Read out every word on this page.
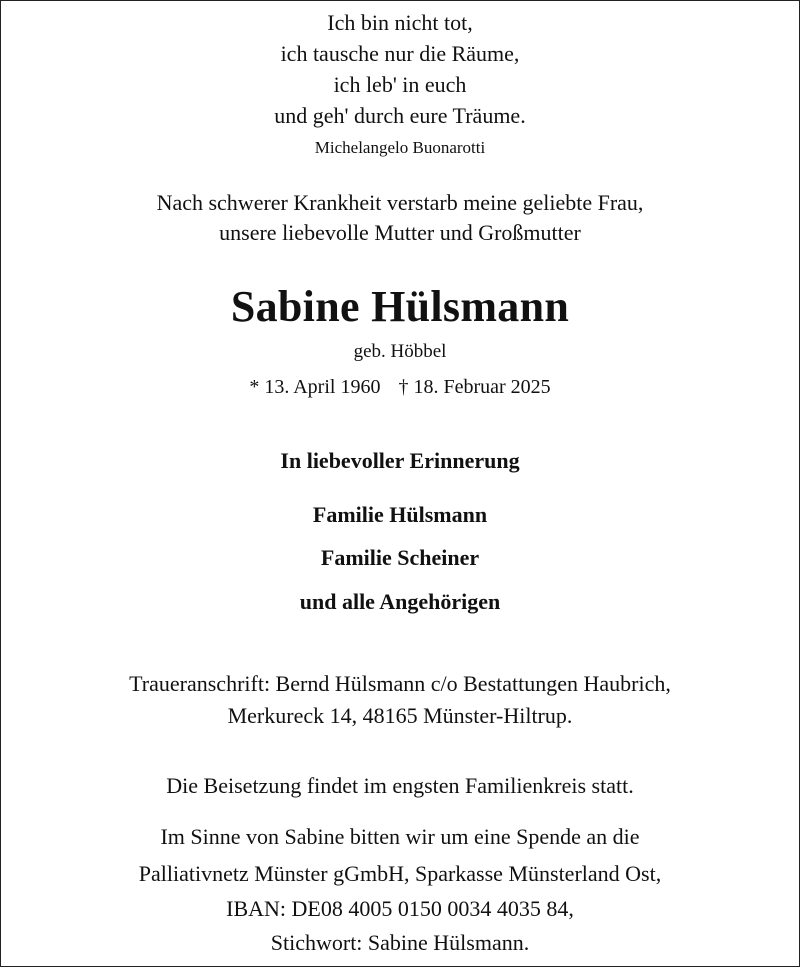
Ich bin nicht tot,
ich tausche nur die Räume,
ich leb' in euch
und geh' durch eure Träume.
Michelangelo Buonarotti
Nach schwerer Krankheit verstarb meine geliebte Frau,
unsere liebevolle Mutter und Großmutter
Sabine Hülsmann
geb. Höbbel
* 13. April 1960 † 18. Februar 2025
In liebevoller Erinnerung
Familie Hülsmann
Familie Scheiner
und alle Angehörigen
Traueranschrift: Bernd Hülsmann c/o Bestattungen Haubrich,
Merkureck 14, 48165 Münster-Hiltrup.
Die Beisetzung findet im engsten Familienkreis statt.
Im Sinne von Sabine bitten wir um eine Spende an die
Palliativnetz Münster gGmbH, Sparkasse Münsterland Ost,
IBAN: DE08 4005 0150 0034 4035 84,
Stichwort: Sabine Hülsmann.
